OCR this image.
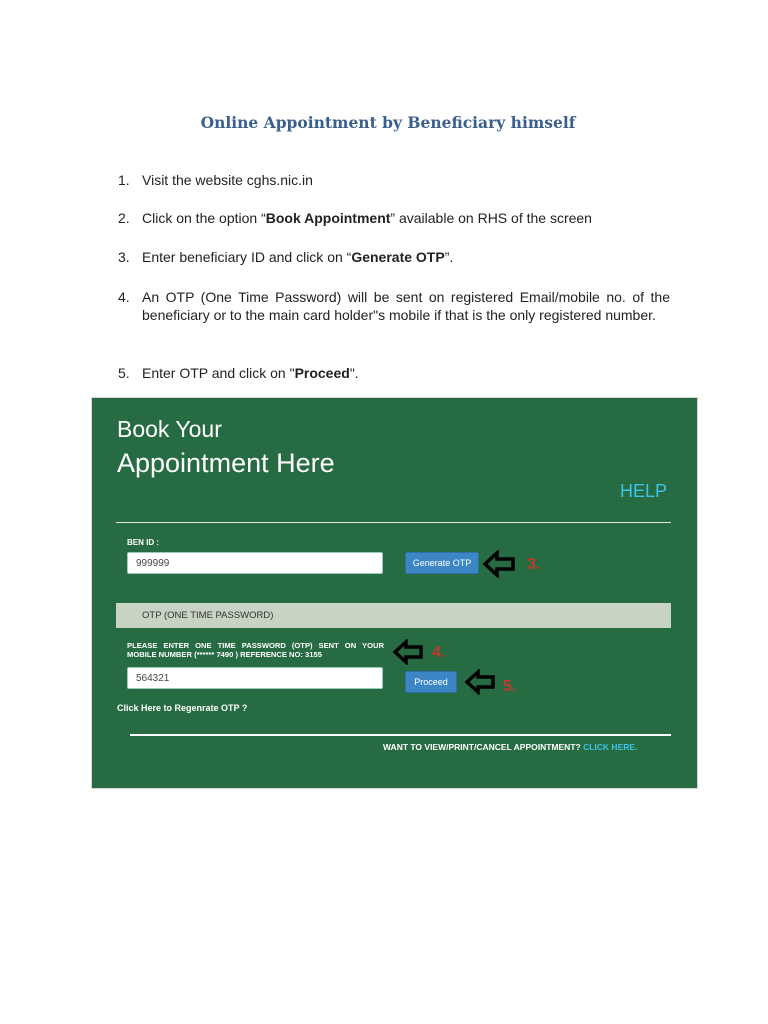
Online Appointment by Beneficiary himself
1. Visit the website cghs.nic.in
2. Click on the option “Book Appointment” available on RHS of the screen
3. Enter beneficiary ID and click on “Generate OTP”.
4. An OTP (One Time Password) will be sent on registered Email/mobile no. of the beneficiary or to the main card holder"s mobile if that is the only registered number.
5. Enter OTP and click on "Proceed".
Book Your
Appointment Here
HELP
BEN ID :
999999	Generate OTP
OTP (ONE TIME PASSWORD)
PLEASE ENTER ONE TIME PASSWORD (OTP) SENT ON YOUR MOBILE NUMBER (****** 7490 ) REFERENCE NO: 3155
564321	Proceed
Click Here to Regenrate OTP ?
WANT TO VIEW/PRINT/CANCEL APPOINTMENT? CLICK HERE.
3.
4.
5.
